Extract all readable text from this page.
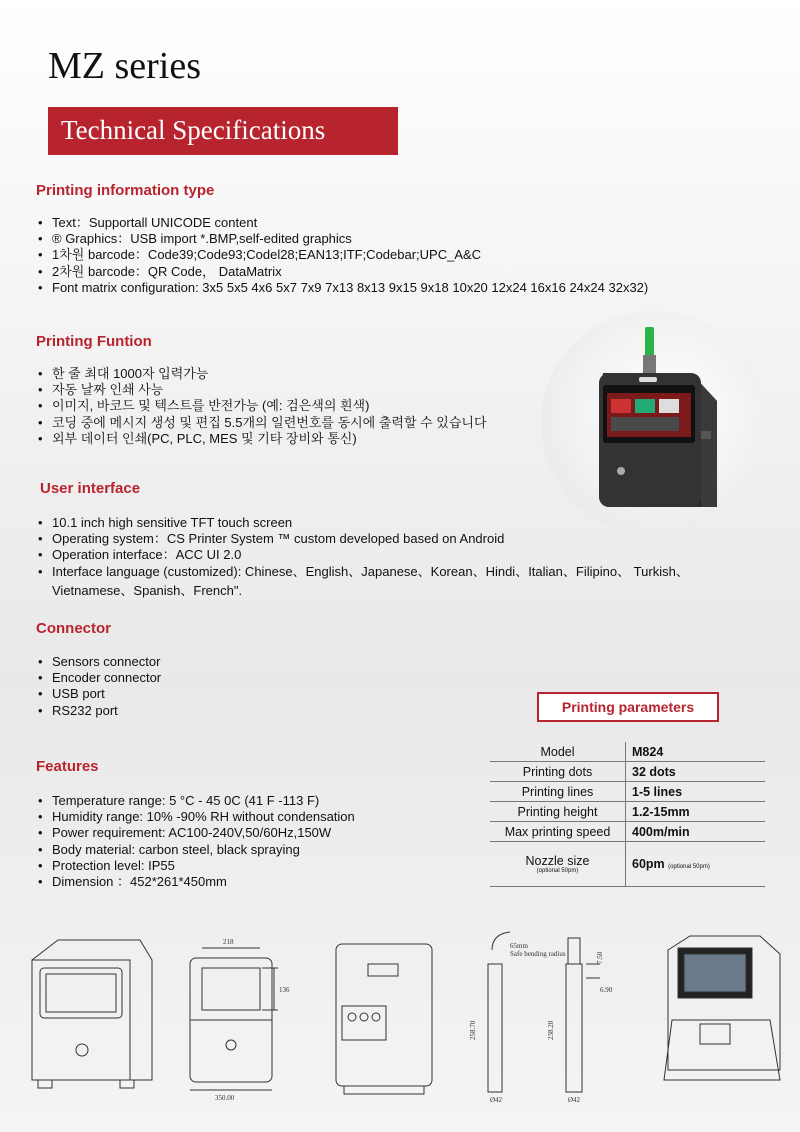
MZ series
Technical Specifications
Printing information type
• Text：Supportall UNICODE content
• ® Graphics：USB import *.BMP,self-edited graphics
• 1차원 barcode：Code39;Code93;Codel28;EAN13;ITF;Codebar;UPC_A&C
• 2차원 barcode：QR Code， DataMatrix
• Font matrix configuration: 3x5 5x5 4x6 5x7 7x9 7x13 8x13 9x15 9x18 10x20 12x24 16x16 24x24 32x32)
Printing Funtion
• 한 줄 최대 1000자 입력가능
• 자동 날짜 인쇄 사능
• 이미지, 바코드 및 텍스트를 반전가능 (예: 검은색의 흰색)
• 코딩 중에 메시지 생성 및 편집 5.5개의 일련번호를 동시에 출력할 수 있습니다
• 외부 데이터 인쇄(PC, PLC, MES 및 기타 장비와 통신)
User interface
• 10.1 inch high sensitive TFT touch screen
• Operating system：CS Printer System ™ custom developed based on Android
• Operation interface：ACC UI 2.0
• Interface language (customized): Chinese、English、Japanese、Korean、Hindi、Italian、Filipino、 Turkish、
Vietnamese、Spanish、French".
Connector
• Sensors connector
• Encoder connector
• USB port
• RS232 port	Printing parameters
Model	M824
Printing dots	32 dots
Printing lines	1-5 lines
Printing height	1.2-15mm
Max printing speed	400m/min
Nozzle size
(optional 50pm)	60pm (optional 50pm)
Features
• Temperature range: 5 °C - 45 0C (41 F -113 F)
• Humidity range: 10% -90% RH without condensation
• Power requirement: AC100-240V,50/60Hz,150W
• Body material: carbon steel, black spraying
• Protection level: IP55
• Dimension ：452*261*450mm
218
136
350.00
65mm
Safe bending radius
258.70	238.20
Ø42	Ø42
7.50
6.90
